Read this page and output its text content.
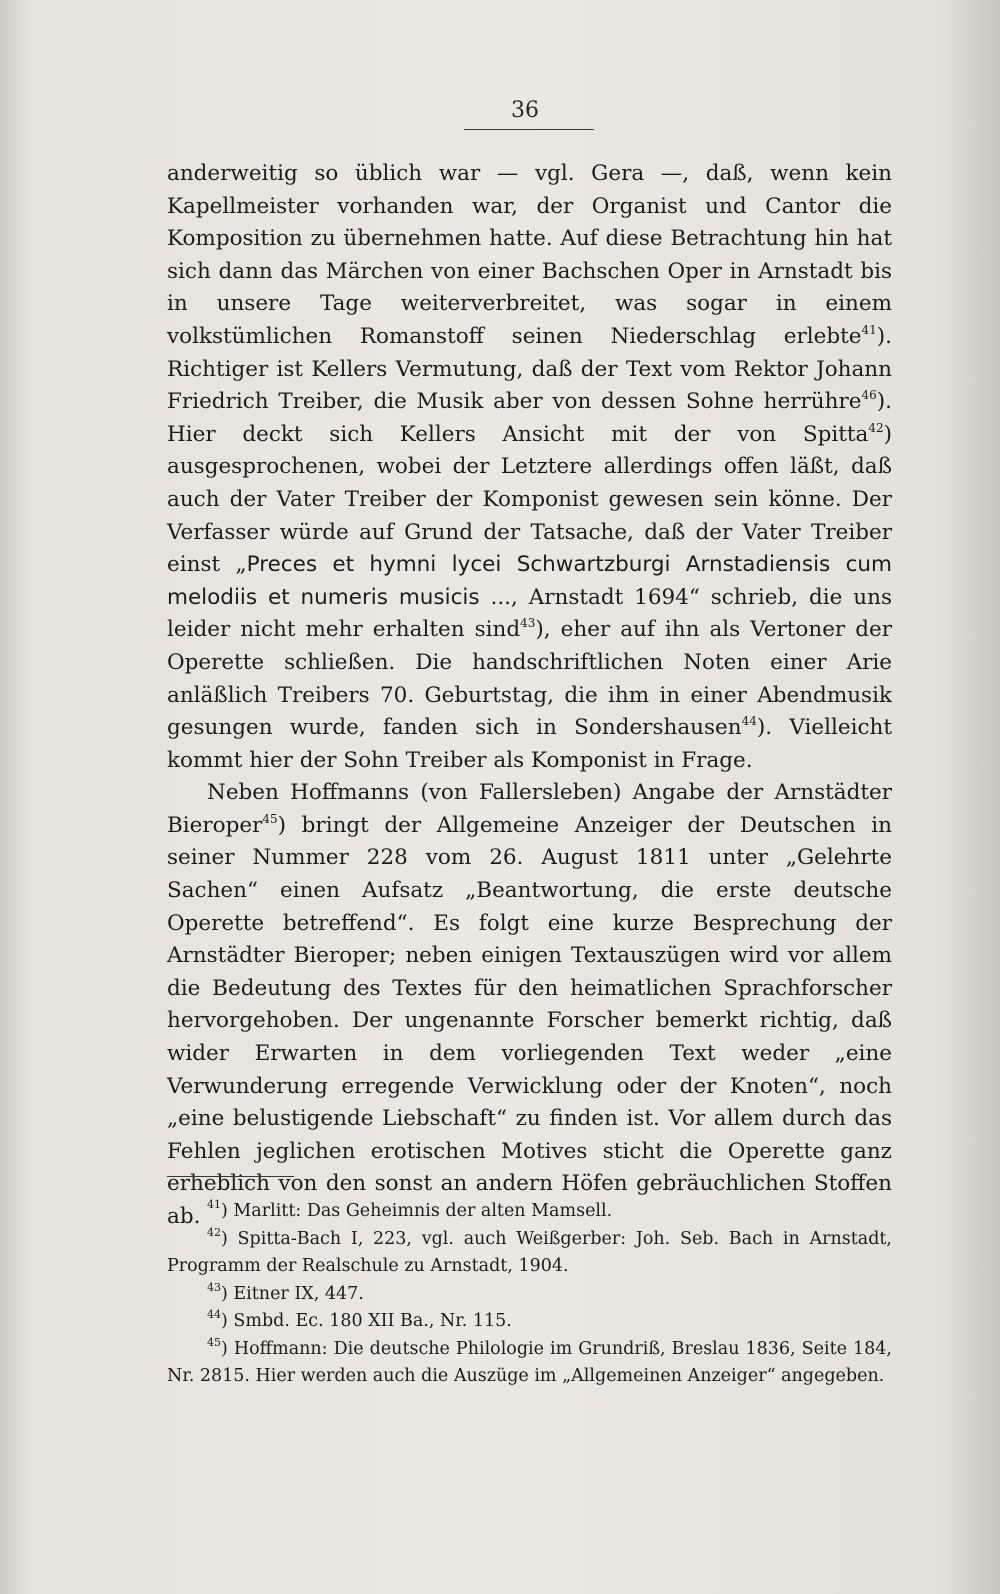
36

anderweitig so üblich war — vgl. Gera —, daß, wenn kein Kapellmeister vorhanden war, der Organist und Cantor die Komposition zu übernehmen hatte. Auf diese Betrachtung hin hat sich dann das Märchen von einer Bachschen Oper in Arnstadt bis in unsere Tage weiterverbreitet, was sogar in einem volkstümlichen Romanstoff seinen Niederschlag erlebte$^{41}$). Richtiger ist Kellers Vermutung, daß der Text vom Rektor Johann Friedrich Treiber, die Musik aber von dessen Sohne herrühre$^{46}$). Hier deckt sich Kellers Ansicht mit der von Spitta$^{42}$) ausgesprochenen, wobei der Letztere allerdings offen läßt, daß auch der Vater Treiber der Komponist gewesen sein könne. Der Verfasser würde auf Grund der Tatsache, daß der Vater Treiber einst „Preces et hymni lycei Schwartzburgi Arnstadiensis cum melodiis et numeris musicis ..., Arnstadt 1694“ schrieb, die uns leider nicht mehr erhalten sind$^{43}$), eher auf ihn als Vertoner der Operette schließen. Die handschriftlichen Noten einer Arie anläßlich Treibers 70. Geburtstag, die ihm in einer Abendmusik gesungen wurde, fanden sich in Sondershausen$^{44}$). Vielleicht kommt hier der Sohn Treiber als Komponist in Frage.

Neben Hoffmanns (von Fallersleben) Angabe der Arnstädter Bieroper$^{45}$) bringt der Allgemeine Anzeiger der Deutschen in seiner Nummer 228 vom 26. August 1811 unter „Gelehrte Sachen“ einen Aufsatz „Beantwortung, die erste deutsche Operette betreffend“. Es folgt eine kurze Besprechung der Arnstädter Bieroper; neben einigen Textauszügen wird vor allem die Bedeutung des Textes für den heimatlichen Sprachforscher hervorgehoben. Der ungenannte Forscher bemerkt richtig, daß wider Erwarten in dem vorliegenden Text weder „eine Verwunderung erregende Verwicklung oder der Knoten“, noch „eine belustigende Liebschaft“ zu finden ist. Vor allem durch das Fehlen jeglichen erotischen Motives sticht die Operette ganz erheblich von den sonst an andern Höfen gebräuchlichen Stoffen ab. $^{41}$) Marlitt: Das Geheimnis der alten Mamsell.

$^{42}$) Spitta-Bach I, 223, vgl. auch Weißgerber: Joh. Seb. Bach in Arnstadt, Programm der Realschule zu Arnstadt, 1904.

$^{43}$) Eitner IX, 447.

$^{44}$) Smbd. Ec. 180 XII Ba., Nr. 115.

$^{45}$) Hoffmann: Die deutsche Philologie im Grundriß, Breslau 1836, Seite 184, Nr. 2815. Hier werden auch die Auszüge im „Allgemeinen Anzeiger“ angegeben.
